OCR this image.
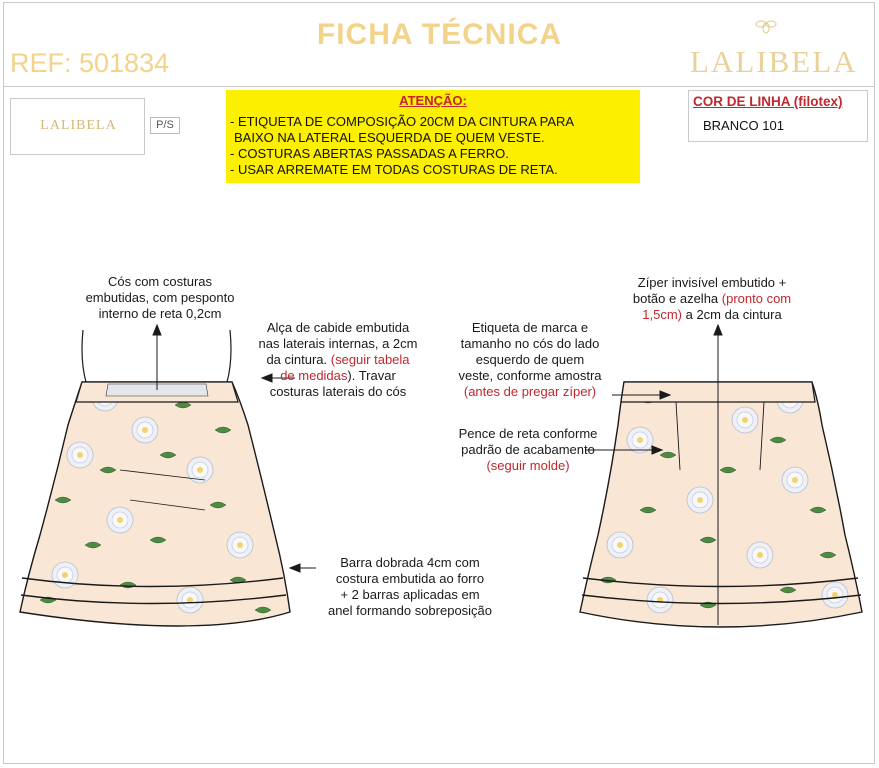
FICHA TÉCNICA
REF: 501834	LALIBELA
LALIBELA	P/S
ATENÇÃO:
- ETIQUETA DE COMPOSIÇÃO 20CM DA CINTURA PARA
BAIXO NA LATERAL ESQUERDA DE QUEM VESTE.
- COSTURAS ABERTAS PASSADAS A FERRO.
- USAR ARREMATE EM TODAS COSTURAS DE RETA.
COR DE LINHA (filotex)
BRANCO 101
Cós com costuras
embutidas, com pesponto
interno de reta 0,2cm
Alça de cabide embutida
nas laterais internas, a 2cm
da cintura. (seguir tabela
de medidas). Travar
costuras laterais do cós
Barra dobrada 4cm com
costura embutida ao forro
+ 2 barras aplicadas em
anel formando sobreposição
Zíper invisível embutido +
botão e azelha (pronto com
1,5cm) a 2cm da cintura
Etiqueta de marca e
tamanho no cós do lado
esquerdo de quem
veste, conforme amostra
(antes de pregar zíper)
Pence de reta conforme
padrão de acabamento
(seguir molde)
